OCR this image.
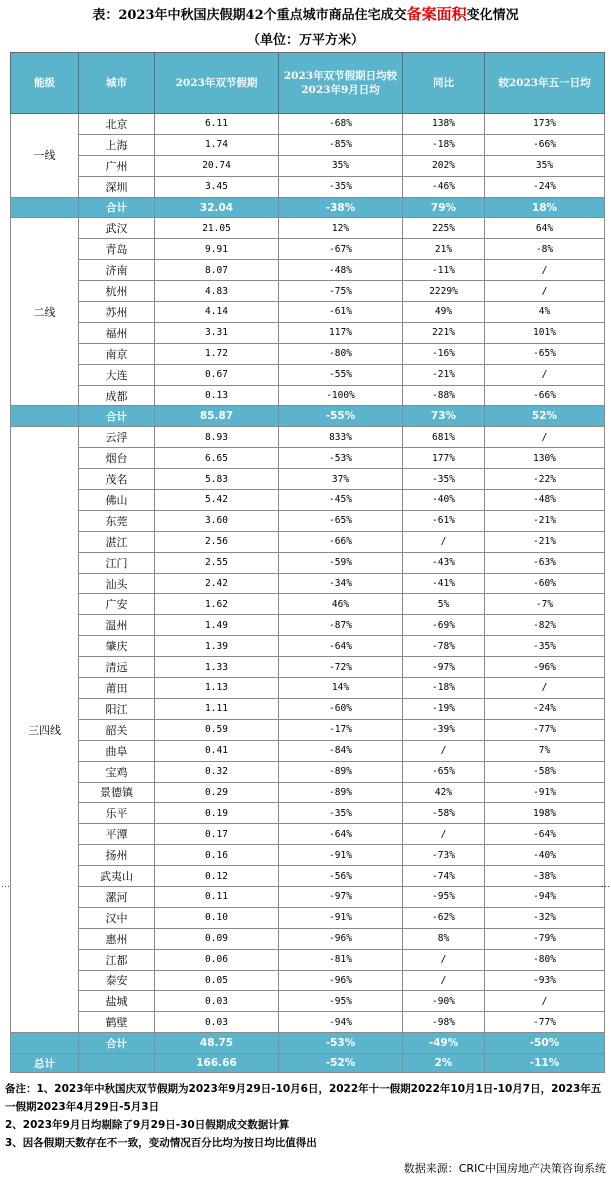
表：2023年中秋国庆假期42个重点城市商品住宅成交备案面积变化情况
（单位：万平方米）
能级	城市	2023年双节假期	2023年双节假期日均较2023年9月日均	同比	较2023年五一日均
一线	北京	6.11	-68%	138%	173%
	上海	1.74	-85%	-18%	-66%
	广州	20.74	35%	202%	35%
	深圳	3.45	-35%	-46%	-24%
	合计	32.04	-38%	79%	18%
二线	武汉	21.05	12%	225%	64%
	青岛	9.91	-67%	21%	-8%
	济南	8.07	-48%	-11%	/
	杭州	4.83	-75%	2229%	/
	苏州	4.14	-61%	49%	4%
	福州	3.31	117%	221%	101%
	南京	1.72	-80%	-16%	-65%
	大连	0.67	-55%	-21%	/
	成都	0.13	-100%	-88%	-66%
	合计	85.87	-55%	73%	52%
三四线	云浮	8.93	833%	681%	/
	烟台	6.65	-53%	177%	130%
	茂名	5.83	37%	-35%	-22%
	佛山	5.42	-45%	-40%	-48%
	东莞	3.60	-65%	-61%	-21%
	湛江	2.56	-66%	/	-21%
	江门	2.55	-59%	-43%	-63%
	汕头	2.42	-34%	-41%	-60%
	广安	1.62	46%	5%	-7%
	温州	1.49	-87%	-69%	-82%
	肇庆	1.39	-64%	-78%	-35%
	清远	1.33	-72%	-97%	-96%
	莆田	1.13	14%	-18%	/
	阳江	1.11	-60%	-19%	-24%
	韶关	0.59	-17%	-39%	-77%
	曲阜	0.41	-84%	/	7%
	宝鸡	0.32	-89%	-65%	-58%
	景德镇	0.29	-89%	42%	-91%
	乐平	0.19	-35%	-58%	198%
	平潭	0.17	-64%	/	-64%
	扬州	0.16	-91%	-73%	-40%
	武夷山	0.12	-56%	-74%	-38%
	漯河	0.11	-97%	-95%	-94%
	汉中	0.10	-91%	-62%	-32%
	惠州	0.09	-96%	8%	-79%
	江都	0.06	-81%	/	-80%
	泰安	0.05	-96%	/	-93%
	盐城	0.03	-95%	-90%	/
	鹤壁	0.03	-94%	-98%	-77%
	合计	48.75	-53%	-49%	-50%
总计		166.66	-52%	2%	-11%
…	…
备注：1、2023年中秋国庆双节假期为2023年9月29日-10月6日，2022年十一假期2022年10月1日-10月7日，2023年五一假期2023年4月29日-5月3日
2、2023年9月日均剔除了9月29日-30日假期成交数据计算
3、因各假期天数存在不一致，变动情况百分比均为按日均比值得出
数据来源：CRIC中国房地产决策咨询系统
